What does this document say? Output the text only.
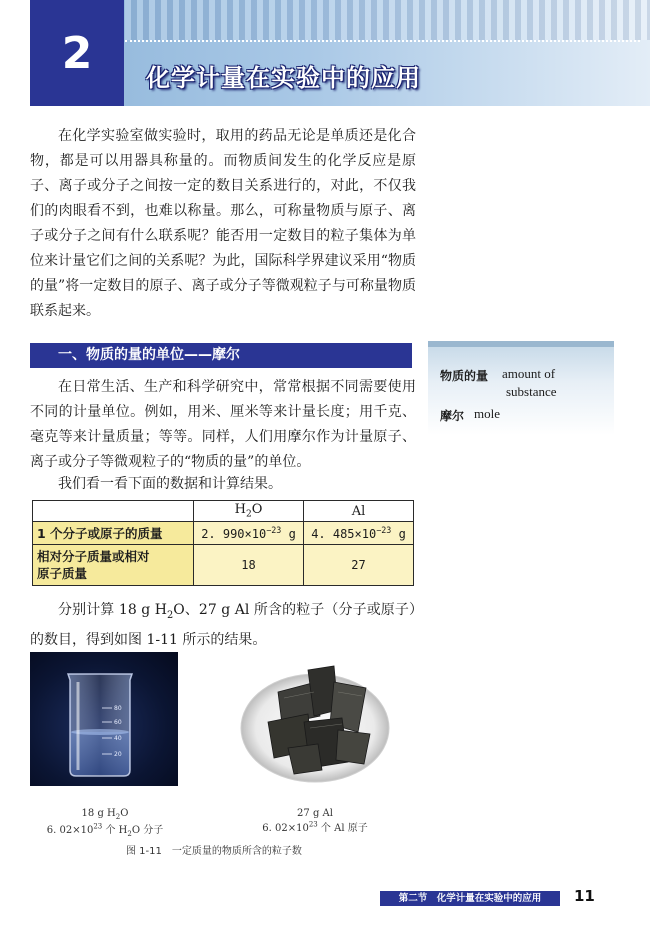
2	化学计量在实验中的应用

在化学实验室做实验时，取用的药品无论是单质还是化合物，都是可以用器具称量的。而物质间发生的化学反应是原子、离子或分子之间按一定的数目关系进行的，对此，不仅我们的肉眼看不到，也难以称量。那么，可称量物质与原子、离子或分子之间有什么联系呢？能否用一定数目的粒子集体为单位来计量它们之间的关系呢？为此，国际科学界建议采用“物质的量”将一定数目的原子、离子或分子等微观粒子与可称量物质联系起来。

一、物质的量的单位——摩尔
物质的量 amount of
substance
摩尔 mole

在日常生活、生产和科学研究中，常常根据不同需要使用不同的计量单位。例如，用米、厘米等来计量长度；用千克、毫克等来计量质量；等等。同样，人们用摩尔作为计量原子、离子或分子等微观粒子的“物质的量”的单位。

我们看一看下面的数据和计算结果。

	$H_2O$	Al
1 个分子或原子的质量	2. $990\times 10^{-23}$ g	4. $485\times 10^{-23}$ g
相对分子质量或相对
原子质量	18	27

分别计算 18 g $H_2O$、27 g Al 所含的粒子（分子或原子）的数目，得到如图 1-11 所示的结果。

80
60
40
20
18 g $H_2O$
6. $02\times 10^{23}$ 个 $H_2O$ 分子
27 g Al
6. $02\times 10^{23}$ 个 Al 原子
图 1-11　一定质量的物质所含的粒子数
第二节　化学计量在实验中的应用	11
